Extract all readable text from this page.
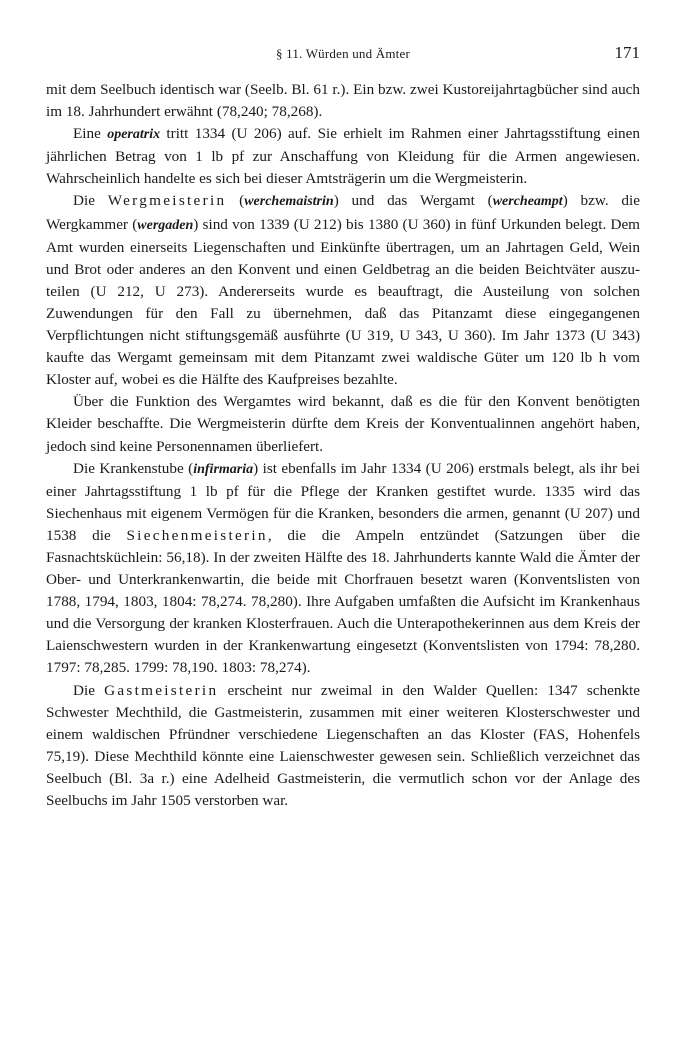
§ 11. Würden und Ämter	171

mit dem Seelbuch identisch war (Seelb. Bl. 61 r.). Ein bzw. zwei Kustoreijahrtagbücher sind auch im 18. Jahrhundert erwähnt (78,240; 78,268).

Eine operatrix tritt 1334 (U 206) auf. Sie erhielt im Rahmen einer Jahrtagsstiftung einen jährlichen Betrag von 1 lb pf zur Anschaffung von Kleidung für die Armen angewiesen. Wahrscheinlich handelte es sich bei dieser Amtsträgerin um die Wergmeisterin.

Die Wergmeisterin (werchemaistrin) und das Wergamt (wercheampt) bzw. die Wergkammer (wergaden) sind von 1339 (U 212) bis 1380 (U 360) in fünf Urkunden belegt. Dem Amt wurden einerseits Liegenschaften und Einkünfte übertragen, um an Jahrtagen Geld, Wein und Brot oder anderes an den Konvent und einen Geldbetrag an die beiden Beichtväter auszuteilen (U 212, U 273). Andererseits wurde es beauftragt, die Austeilung von solchen Zuwendungen für den Fall zu übernehmen, daß das Pitanzamt diese eingegangenen Verpflichtungen nicht stiftungsgemäß ausführte (U 319, U 343, U 360). Im Jahr 1373 (U 343) kaufte das Wergamt gemeinsam mit dem Pitanzamt zwei waldische Güter um 120 lb h vom Kloster auf, wobei es die Hälfte des Kaufpreises bezahlte.

Über die Funktion des Wergamtes wird bekannt, daß es die für den Konvent benötigten Kleider beschaffte. Die Wergmeisterin dürfte dem Kreis der Konventualinnen angehört haben, jedoch sind keine Personennamen überliefert.

Die Krankenstube (infirmaria) ist ebenfalls im Jahr 1334 (U 206) erstmals belegt, als ihr bei einer Jahrtagsstiftung 1 lb pf für die Pflege der Kranken gestiftet wurde. 1335 wird das Siechenhaus mit eigenem Vermögen für die Kranken, besonders die armen, genannt (U 207) und 1538 die Siechenmeisterin, die die Ampeln entzündet (Satzungen über die Fasnachtsküchlein: 56,18). In der zweiten Hälfte des 18. Jahrhunderts kannte Wald die Ämter der Ober- und Unterkrankenwartin, die beide mit Chorfrauen besetzt waren (Konventslisten von 1788, 1794, 1803, 1804: 78,274. 78,280). Ihre Aufgaben umfaßten die Aufsicht im Krankenhaus und die Versorgung der kranken Klosterfrauen. Auch die Unterapothekerinnen aus dem Kreis der Laienschwestern wurden in der Krankenwartung eingesetzt (Konventslisten von 1794: 78,280. 1797: 78,285. 1799: 78,190. 1803: 78,274).

Die Gastmeisterin erscheint nur zweimal in den Walder Quellen: 1347 schenkte Schwester Mechthild, die Gastmeisterin, zusammen mit einer weiteren Klosterschwester und einem waldischen Pfründner verschiedene Liegenschaften an das Kloster (FAS, Hohenfels 75,19). Diese Mechthild könnte eine Laienschwester gewesen sein. Schließlich verzeichnet das Seelbuch (Bl. 3a r.) eine Adelheid Gastmeisterin, die vermutlich schon vor der Anlage des Seelbuchs im Jahr 1505 verstorben war.
